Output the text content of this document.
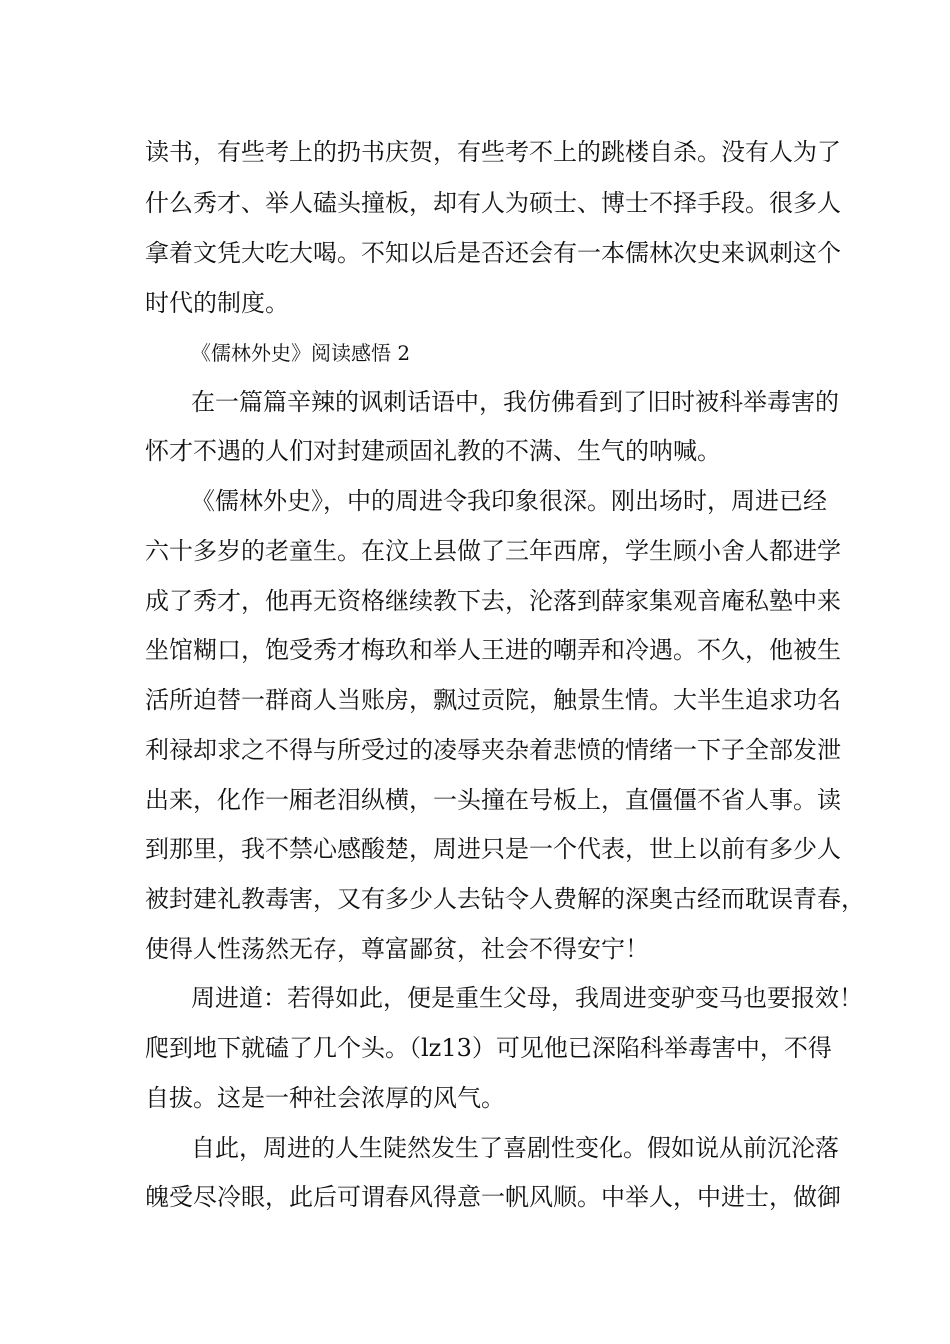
读书，有些考上的扔书庆贺，有些考不上的跳楼自杀。没有人为了
什么秀才、举人磕头撞板，却有人为硕士、博士不择手段。很多人
拿着文凭大吃大喝。不知以后是否还会有一本儒林次史来讽刺这个
时代的制度。
《儒林外史》阅读感悟 2
在一篇篇辛辣的讽刺话语中，我仿佛看到了旧时被科举毒害的
怀才不遇的人们对封建顽固礼教的不满、生气的呐喊。
《儒林外史》，中的周进令我印象很深。刚出场时，周进已经
六十多岁的老童生。在汶上县做了三年西席，学生顾小舍人都进学
成了秀才，他再无资格继续教下去，沦落到薛家集观音庵私塾中来
坐馆糊口，饱受秀才梅玖和举人王进的嘲弄和冷遇。不久，他被生
活所迫替一群商人当账房，飘过贡院，触景生情。大半生追求功名
利禄却求之不得与所受过的凌辱夹杂着悲愤的情绪一下子全部发泄
出来，化作一厢老泪纵横，一头撞在号板上，直僵僵不省人事。读
到那里，我不禁心感酸楚，周进只是一个代表，世上以前有多少人
被封建礼教毒害，又有多少人去钻令人费解的深奥古经而耽误青春，
使得人性荡然无存，尊富鄙贫，社会不得安宁！
周进道：若得如此，便是重生父母，我周进变驴变马也要报效！
爬到地下就磕了几个头。（lz13）可见他已深陷科举毒害中，不得
自拔。这是一种社会浓厚的风气。
自此，周进的人生陡然发生了喜剧性变化。假如说从前沉沦落
魄受尽冷眼，此后可谓春风得意一帆风顺。中举人，中进士，做御
